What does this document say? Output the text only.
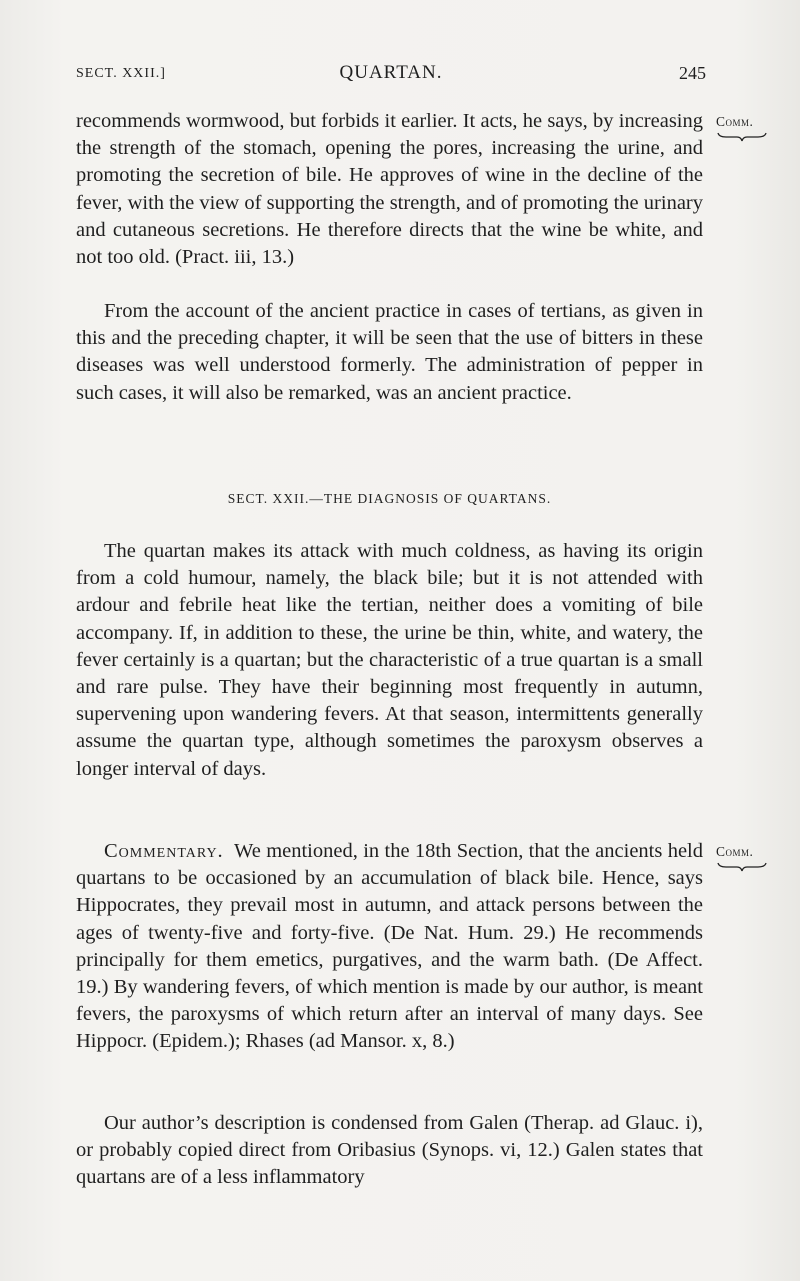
SECT. XXII.]	QUARTAN.	245
Comm.
Comm.

recommends wormwood, but forbids it earlier. It acts, he says, by increasing the strength of the stomach, opening the pores, increasing the urine, and promoting the secretion of bile. He approves of wine in the decline of the fever, with the view of supporting the strength, and of promoting the urinary and cutaneous secretions. He therefore directs that the wine be white, and not too old. (Pract. iii, 13.)

From the account of the ancient practice in cases of tertians, as given in this and the preceding chapter, it will be seen that the use of bitters in these diseases was well understood formerly. The administration of pepper in such cases, it will also be remarked, was an ancient practice.

SECT. XXII.—THE DIAGNOSIS OF QUARTANS.

The quartan makes its attack with much coldness, as having its origin from a cold humour, namely, the black bile; but it is not attended with ardour and febrile heat like the tertian, neither does a vomiting of bile accompany. If, in addition to these, the urine be thin, white, and watery, the fever certainly is a quartan; but the characteristic of a true quartan is a small and rare pulse. They have their beginning most frequently in autumn, supervening upon wandering fevers. At that season, intermittents generally assume the quartan type, although sometimes the paroxysm observes a longer interval of days.

Commentary. We mentioned, in the 18th Section, that the ancients held quartans to be occasioned by an accumulation of black bile. Hence, says Hippocrates, they prevail most in autumn, and attack persons between the ages of twenty-five and forty-five. (De Nat. Hum. 29.) He recommends principally for them emetics, purgatives, and the warm bath. (De Affect. 19.) By wandering fevers, of which mention is made by our author, is meant fevers, the paroxysms of which return after an interval of many days. See Hippocr. (Epidem.); Rhases (ad Mansor. x, 8.)

Our author’s description is condensed from Galen (Therap. ad Glauc. i), or probably copied direct from Oribasius (Synops. vi, 12.) Galen states that quartans are of a less inflammatory
